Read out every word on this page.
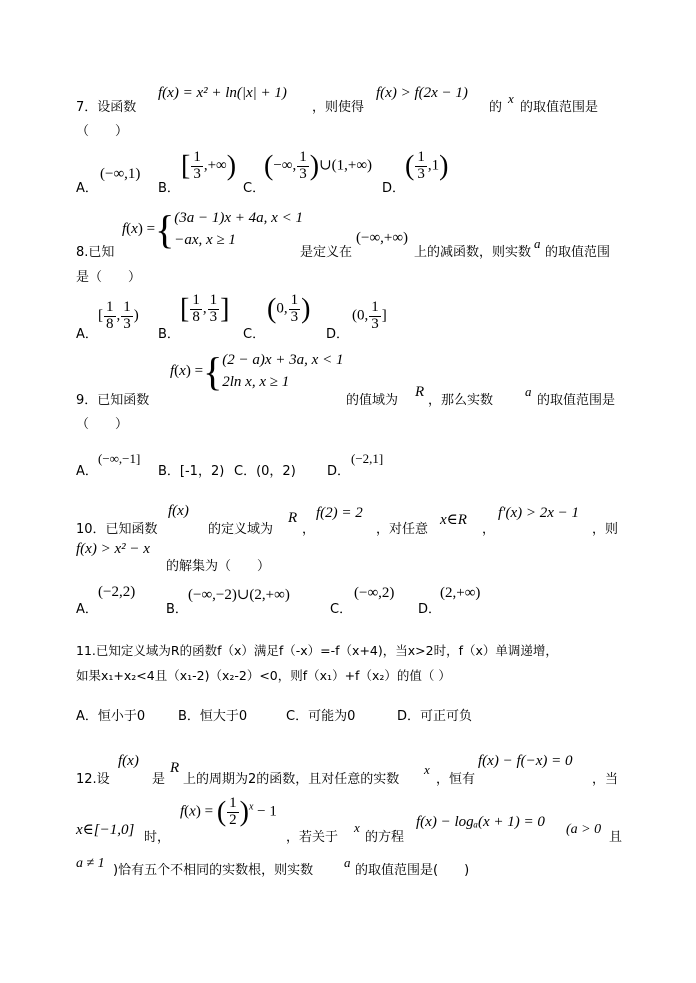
7．设函数
f(x) = x² + ln(|x| + 1)
，则使得
f(x) > f(2x − 1)
的
x
的取值范围是
（　　）
A．
(−∞,1)
B．
[ $\frac{1}{3}$ ,+∞)
C．
(−∞, $\frac{1}{3}$ )∪(1,+∞)
D．
( $\frac{1}{3} ,1$)
f(x) ={ (3a − 1)x + 4a, x < 1
−ax, x ≥ 1
8.已知	是定义在
(−∞,+∞)
上的减函数，则实数
a
的取值范围
是（　　）
A．
[ $\frac{1}{8}$ , $\frac{1}{3}$ )
B．
[ $\frac{1}{8}$ , $\frac{1}{3}$ ]
C．
(0, $\frac{1}{3}$ )
D．
(0, $\frac{1}{3}$ ]
f(x) ={ (2 − a)x + 3a, x < 1
2ln x, x ≥ 1
9．已知函数	的值域为
R
，那么实数
a
的取值范围是
（　　）
A．
(−∞,−1]
B．[-1，2) C．(0，2) D．
(−2,1]
10．已知函数
f(x)
的定义域为
R
，
f(2) = 2
，对任意
x∈R
，
f′(x) > 2x − 1
，则
f(x) > x² − x
的解集为（　　）
A．
(−2,2)
B．
(−∞,−2)∪(2,+∞)
C．
(−∞,2)
D．
(2,+∞)
11.已知定义域为R的函数f（x）满足f（-x）=-f（x+4)，当x>2时，f（x）单调递增，
如果x₁+x₂<4且（x₁-2)（x₂-2）<0，则f（x₁）+f（x₂）的值（ ）
A．恒小于0	B．恒大于0	C．可能为0	D．可正可负
12.设
f(x)
是
R
上的周期为2的函数，且对任意的实数
x
，恒有
f(x) − f(−x) = 0
，当
x∈[−1,0] 时，
f(x) = ( $\frac{1}{2} )^x - 1$
，若关于
x
的方程
f(x) − logₐ(x + 1) = 0 (a > 0
且
a ≠ 1 )恰有五个不相同的实数根，则实数
a
的取值范围是(　　)
